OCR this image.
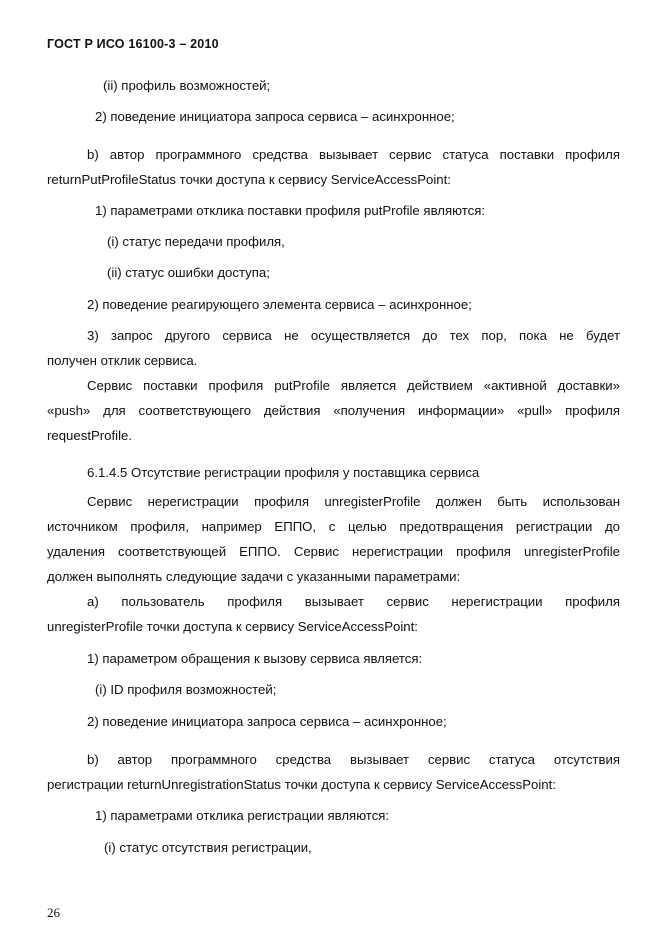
ГОСТ Р ИСО 16100-3 – 2010
(ii) профиль возможностей;
2) поведение инициатора запроса сервиса – асинхронное;
b) автор программного средства вызывает сервис статуса поставки профиля
returnPutProfileStatus точки доступа к сервису ServiceAccessPoint:
1) параметрами отклика поставки профиля putProfile являются:
(i) статус передачи профиля,
(ii) статус ошибки доступа;
2) поведение реагирующего элемента сервиса – асинхронное;
3) запрос другого сервиса не осуществляется до тех пор, пока не будет
получен отклик сервиса.
Сервис поставки профиля putProfile является действием «активной доставки»
«push» для соответствующего действия «получения информации» «pull» профиля
requestProfile.
6.1.4.5 Отсутствие регистрации профиля у поставщика сервиса
Сервис нерегистрации профиля unregisterProfile должен быть использован
источником профиля, например ЕППО, с целью предотвращения регистрации до
удаления соответствующей ЕППО. Сервис нерегистрации профиля unregisterProfile
должен выполнять следующие задачи с указанными параметрами:
a) пользователь профиля вызывает сервис нерегистрации профиля
unregisterProfile точки доступа к сервису ServiceAccessPoint:
1) параметром обращения к вызову сервиса является:
(i) ID профиля возможностей;
2) поведение инициатора запроса сервиса – асинхронное;
b) автор программного средства вызывает сервис статуса отсутствия
регистрации returnUnregistrationStatus точки доступа к сервису ServiceAccessPoint:
1) параметрами отклика регистрации являются:
(i) статус отсутствия регистрации,
26
